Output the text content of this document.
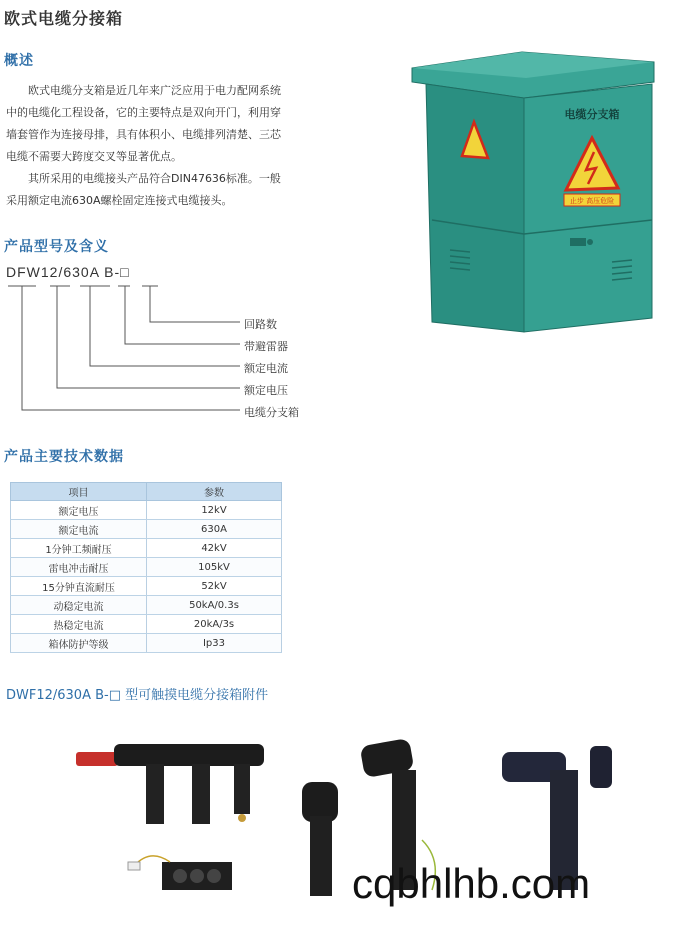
欧式电缆分接箱
概述
欧式电缆分支箱是近几年来广泛应用于电力配网系统
中的电缆化工程设备，它的主要特点是双向开门，利用穿
墙套管作为连接母排，具有体积小、电缆排列清楚、三芯
电缆不需要大跨度交叉等显著优点。
其所采用的电缆接头产品符合DIN47636标准。一般
采用额定电流630A螺栓固定连接式电缆接头。
产品型号及含义
DFW12/630A B-□
回路数
带避雷器
额定电流
额定电压
电缆分支箱
产品主要技术数据
项目	参数
额定电压	12kV
额定电流	630A
1分钟工频耐压	42kV
雷电冲击耐压	105kV
15分钟直流耐压	52kV
动稳定电流	50kA/0.3s
热稳定电流	20kA/3s
箱体防护等级	Ip33
止步 高压危险
电缆分支箱
DWF12/630A B-□ 型可触摸电缆分接箱附件
cqbhlhb.com
